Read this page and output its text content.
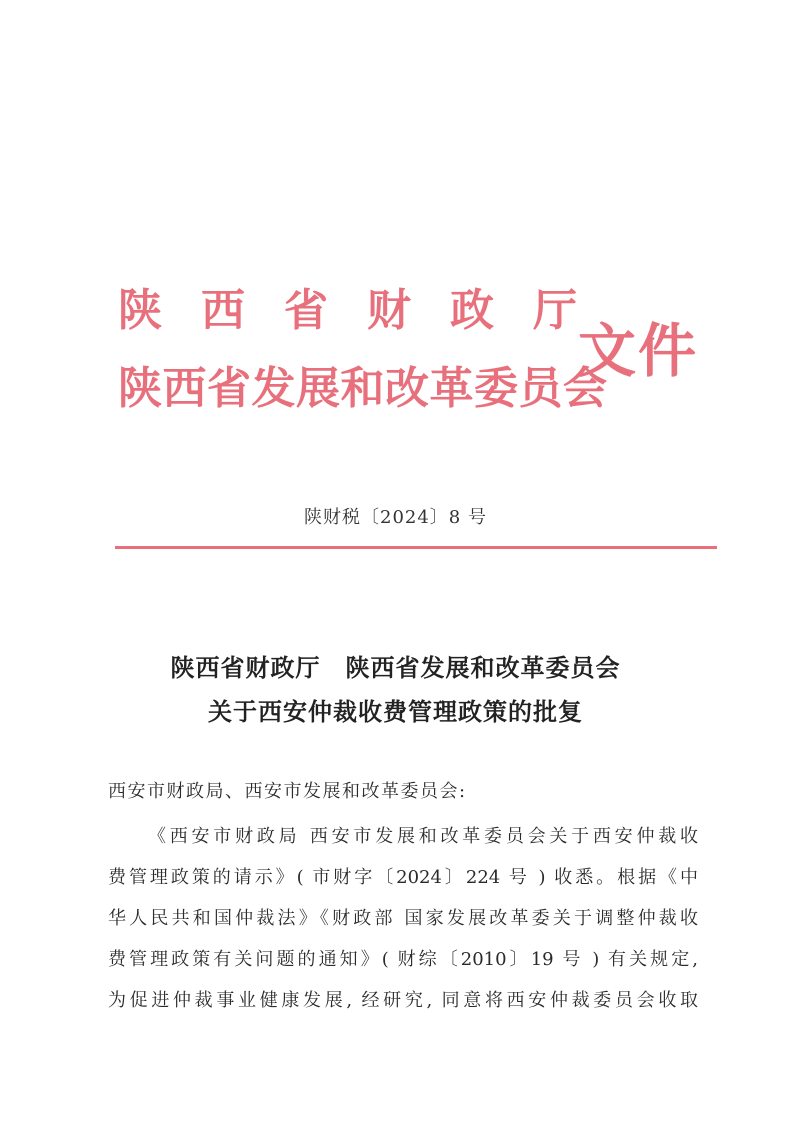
陕 西 省 财 政 厅
陕西省发展和改革委员会
文件
陕财税〔2024〕8 号
陕西省财政厅　陕西省发展和改革委员会
关于西安仲裁收费管理政策的批复
西安市财政局、西安市发展和改革委员会:
《西安市财政局 西安市发展和改革委员会关于西安仲裁收
费管理政策的请示》( 市财字〔2024〕224 号 ) 收悉。根据《中
华人民共和国仲裁法》《财政部 国家发展改革委关于调整仲裁收
费管理政策有关问题的通知》( 财综〔2010〕19 号 ) 有关规定,
为促进仲裁事业健康发展, 经研究, 同意将西安仲裁委员会收取
